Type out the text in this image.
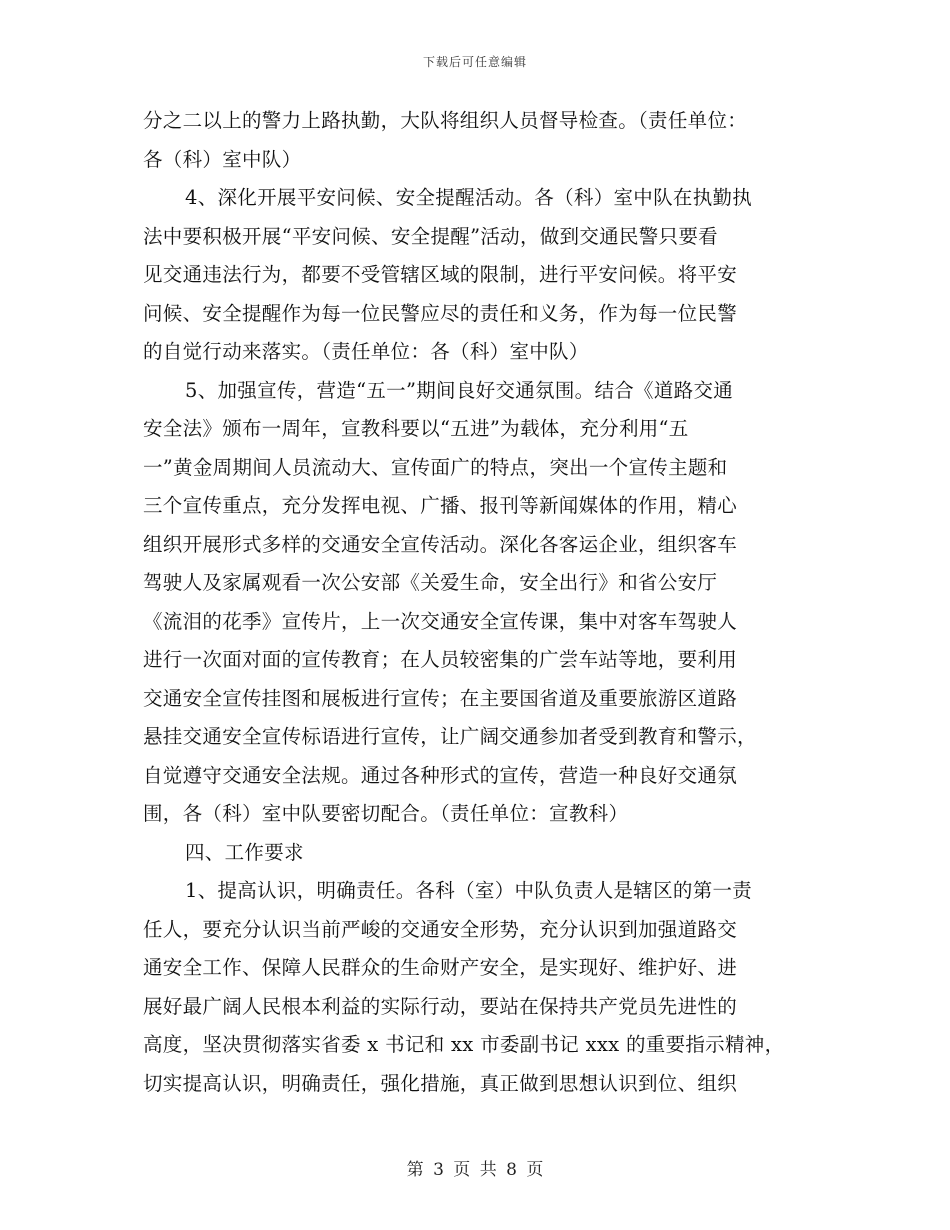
下载后可任意编辑
分之二以上的警力上路执勤，大队将组织人员督导检查。（责任单位：
各（科）室中队）
4、深化开展平安问候、安全提醒活动。各（科）室中队在执勤执
法中要积极开展“平安问候、安全提醒”活动，做到交通民警只要看
见交通违法行为，都要不受管辖区域的限制，进行平安问候。将平安
问候、安全提醒作为每一位民警应尽的责任和义务，作为每一位民警
的自觉行动来落实。（责任单位：各（科）室中队）
5、加强宣传，营造“五一”期间良好交通氛围。结合《道路交通
安全法》颁布一周年，宣教科要以“五进”为载体，充分利用“五
一”黄金周期间人员流动大、宣传面广的特点，突出一个宣传主题和
三个宣传重点，充分发挥电视、广播、报刊等新闻媒体的作用，精心
组织开展形式多样的交通安全宣传活动。深化各客运企业，组织客车
驾驶人及家属观看一次公安部《关爱生命，安全出行》和省公安厅
《流泪的花季》宣传片，上一次交通安全宣传课，集中对客车驾驶人
进行一次面对面的宣传教育；在人员较密集的广尝车站等地，要利用
交通安全宣传挂图和展板进行宣传；在主要国省道及重要旅游区道路
悬挂交通安全宣传标语进行宣传，让广阔交通参加者受到教育和警示，
自觉遵守交通安全法规。通过各种形式的宣传，营造一种良好交通氛
围，各（科）室中队要密切配合。（责任单位：宣教科）
四、工作要求
1、提高认识，明确责任。各科（室）中队负责人是辖区的第一责
任人，要充分认识当前严峻的交通安全形势，充分认识到加强道路交
通安全工作、保障人民群众的生命财产安全，是实现好、维护好、进
展好最广阔人民根本利益的实际行动，要站在保持共产党员先进性的
高度，坚决贯彻落实省委 x 书记和 xx 市委副书记 xxx 的重要指示精神，
切实提高认识，明确责任，强化措施，真正做到思想认识到位、组织
第 3 页 共 8 页
